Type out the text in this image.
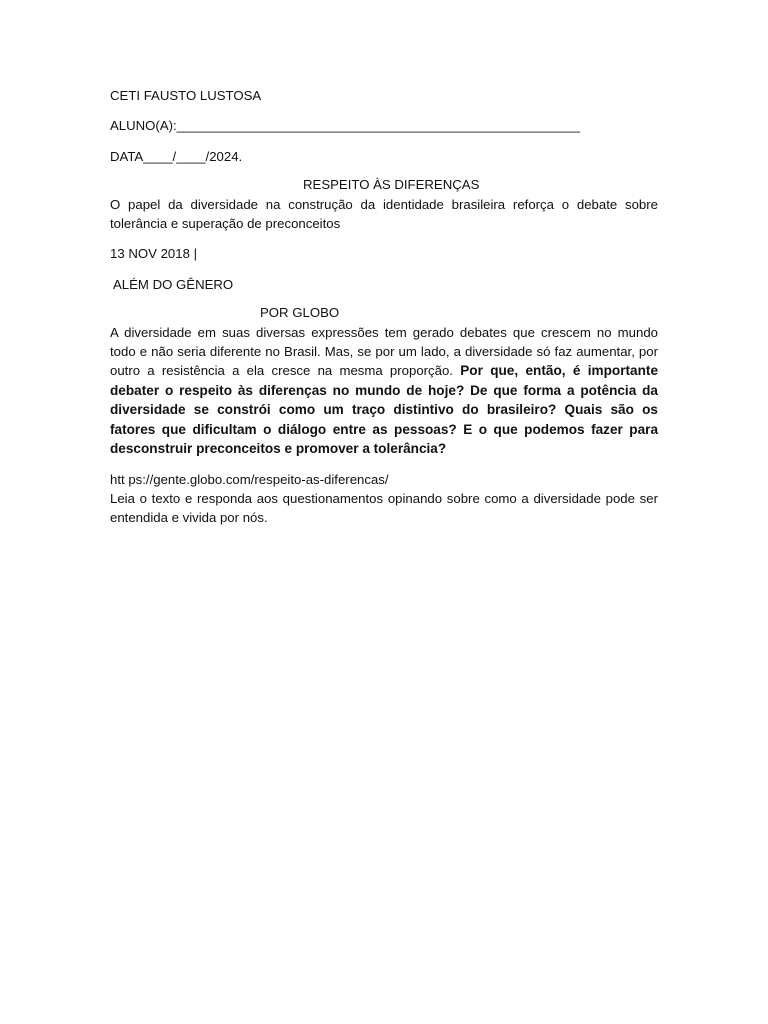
CETI FAUSTO LUSTOSA

ALUNO(A):_______________________________________________________

DATA____/____/2024.

RESPEITO ÀS DIFERENÇAS

O papel da diversidade na construção da identidade brasileira reforça o debate sobre tolerância e superação de preconceitos

13 NOV 2018 |

ALÉM DO GÊNERO

POR GLOBO

A diversidade em suas diversas expressões tem gerado debates que crescem no mundo todo e não seria diferente no Brasil. Mas, se por um lado, a diversidade só faz aumentar, por outro a resistência a ela cresce na mesma proporção. Por que, então, é importante debater o respeito às diferenças no mundo de hoje? De que forma a potência da diversidade se constrói como um traço distintivo do brasileiro? Quais são os fatores que dificultam o diálogo entre as pessoas? E o que podemos fazer para desconstruir preconceitos e promover a tolerância?

htt ps://gente.globo.com/respeito-as-diferencas/

Leia o texto e responda aos questionamentos opinando sobre como a diversidade pode ser entendida e vivida por nós.
